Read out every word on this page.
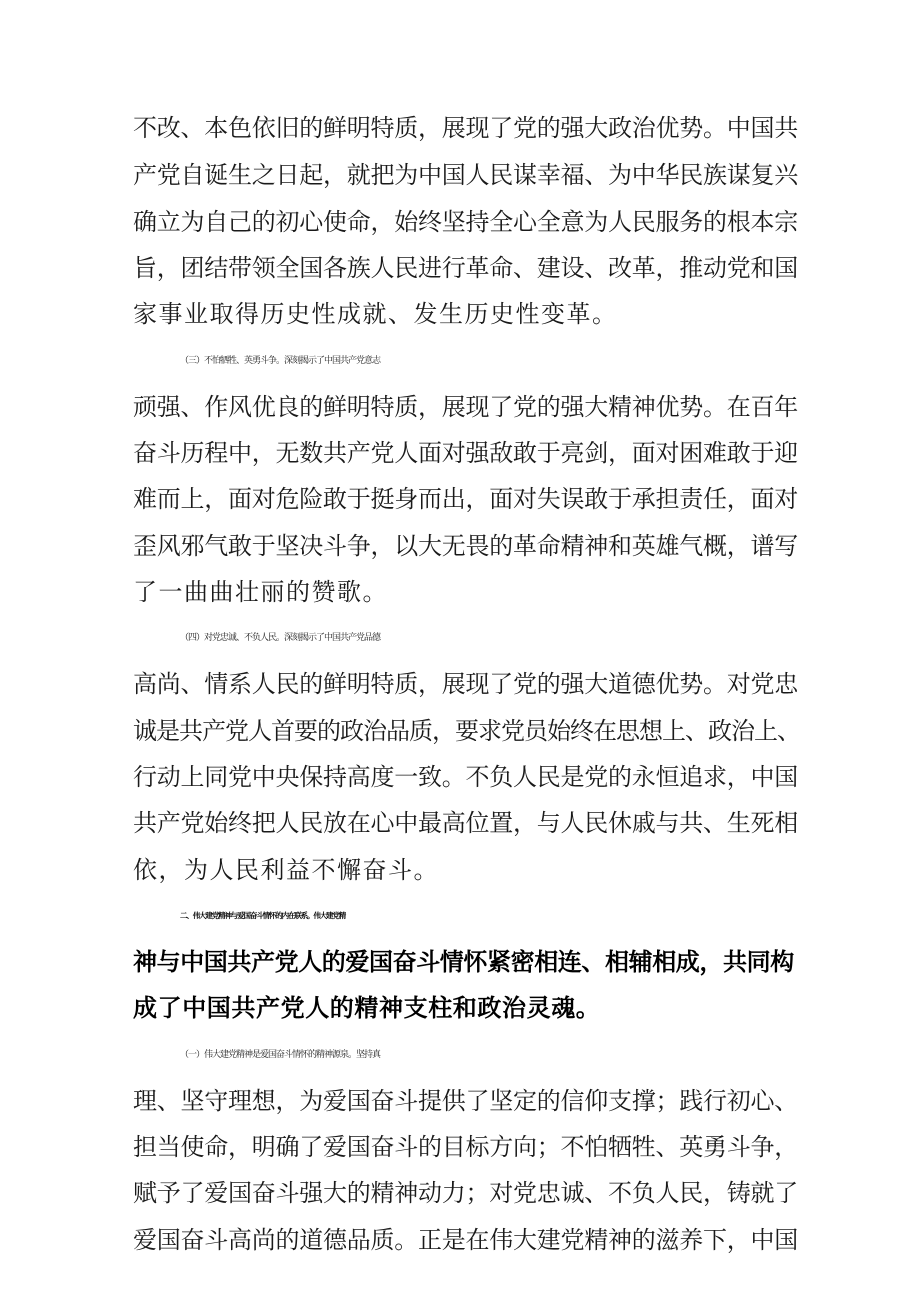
不改、本色依旧的鲜明特质，展现了党的强大政治优势。中国共

产党自诞生之日起，就把为中国人民谋幸福、为中华民族谋复兴

确立为自己的初心使命，始终坚持全心全意为人民服务的根本宗

旨，团结带领全国各族人民进行革命、建设、改革，推动党和国

家事业取得历史性成就、发生历史性变革。

（三）不怕牺牲、英勇斗争。深刻揭示了中国共产党意志

顽强、作风优良的鲜明特质，展现了党的强大精神优势。在百年

奋斗历程中，无数共产党人面对强敌敢于亮剑，面对困难敢于迎

难而上，面对危险敢于挺身而出，面对失误敢于承担责任，面对

歪风邪气敢于坚决斗争，以大无畏的革命精神和英雄气概，谱写

了一曲曲壮丽的赞歌。

（四）对党忠诚、不负人民。深刻揭示了中国共产党品德

高尚、情系人民的鲜明特质，展现了党的强大道德优势。对党忠

诚是共产党人首要的政治品质，要求党员始终在思想上、政治上、

行动上同党中央保持高度一致。不负人民是党的永恒追求，中国

共产党始终把人民放在心中最高位置，与人民休戚与共、生死相

依，为人民利益不懈奋斗。

二、伟大建党精神与爱国奋斗情怀的内在联系。伟大建党精

神与中国共产党人的爱国奋斗情怀紧密相连、相辅相成，共同构

成了中国共产党人的精神支柱和政治灵魂。

（一）伟大建党精神是爱国奋斗情怀的精神源泉。坚持真

理、坚守理想，为爱国奋斗提供了坚定的信仰支撑；践行初心、

担当使命，明确了爱国奋斗的目标方向；不怕牺牲、英勇斗争，

赋予了爱国奋斗强大的精神动力；对党忠诚、不负人民，铸就了

爱国奋斗高尚的道德品质。正是在伟大建党精神的滋养下，中国
